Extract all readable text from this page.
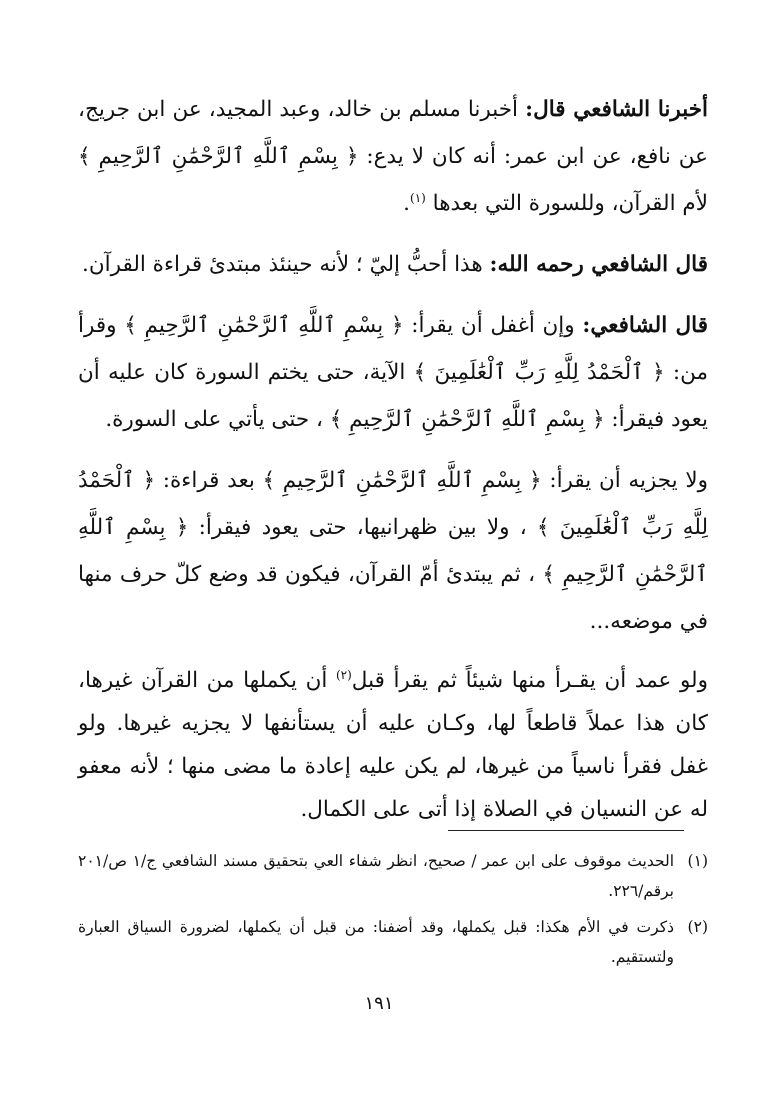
أخبرنا الشافعي قال: أخبرنا مسلم بن خالد، وعبد المجيد، عن ابن جريج، عن نافع، عن ابن عمر: أنه كان لا يدع: ﴿ بِسْمِ ٱللَّهِ ٱلرَّحْمَٰنِ ٱلرَّحِيمِ ﴾ لأم القرآن، وللسورة التي بعدها $^{(١)}$.

قال الشافعي رحمه الله: هذا أحبُّ إليّ ؛ لأنه حينئذ مبتدئ قراءة القرآن.

قال الشافعي: وإن أغفل أن يقرأ: ﴿ بِسْمِ ٱللَّهِ ٱلرَّحْمَٰنِ ٱلرَّحِيمِ ﴾ وقرأ من: ﴿ ٱلْحَمْدُ لِلَّهِ رَبِّ ٱلْعَٰلَمِينَ ﴾ الآية، حتى يختم السورة كان عليه أن يعود فيقرأ: ﴿ بِسْمِ ٱللَّهِ ٱلرَّحْمَٰنِ ٱلرَّحِيمِ ﴾ ، حتى يأتي على السورة.

ولا يجزيه أن يقرأ: ﴿ بِسْمِ ٱللَّهِ ٱلرَّحْمَٰنِ ٱلرَّحِيمِ ﴾ بعد قراءة: ﴿ ٱلْحَمْدُ لِلَّهِ رَبِّ ٱلْعَٰلَمِينَ ﴾ ، ولا بين ظهرانيها، حتى يعود فيقرأ: ﴿ بِسْمِ ٱللَّهِ ٱلرَّحْمَٰنِ ٱلرَّحِيمِ ﴾ ، ثم يبتدئ أمّ القرآن، فيكون قد وضع كلّ حرف منها في موضعه...

ولو عمد أن يقـرأ منها شيئاً ثم يقرأ قبل$^{(٢)}$ أن يكملها من القرآن غيرها، كان هذا عملاً قاطعاً لها، وكـان عليه أن يستأنفها لا يجزيه غيرها. ولو غفل فقرأ ناسياً من غيرها، لم يكن عليه إعادة ما مضى منها ؛ لأنه معفو له عن النسيان في الصلاة إذا أتى على الكمال.

(١)
الحديث موقوف على ابن عمر / صحيح، انظر شفاء العي بتحقيق مسند الشافعي ج/١ ص/٢٠١ برقم/٢٢٦.
(٢)
ذكرت في الأم هكذا: قبل يكملها، وقد أضفنا: من قبل أن يكملها، لضرورة السياق العبارة ولتستقيم.
١٩١
